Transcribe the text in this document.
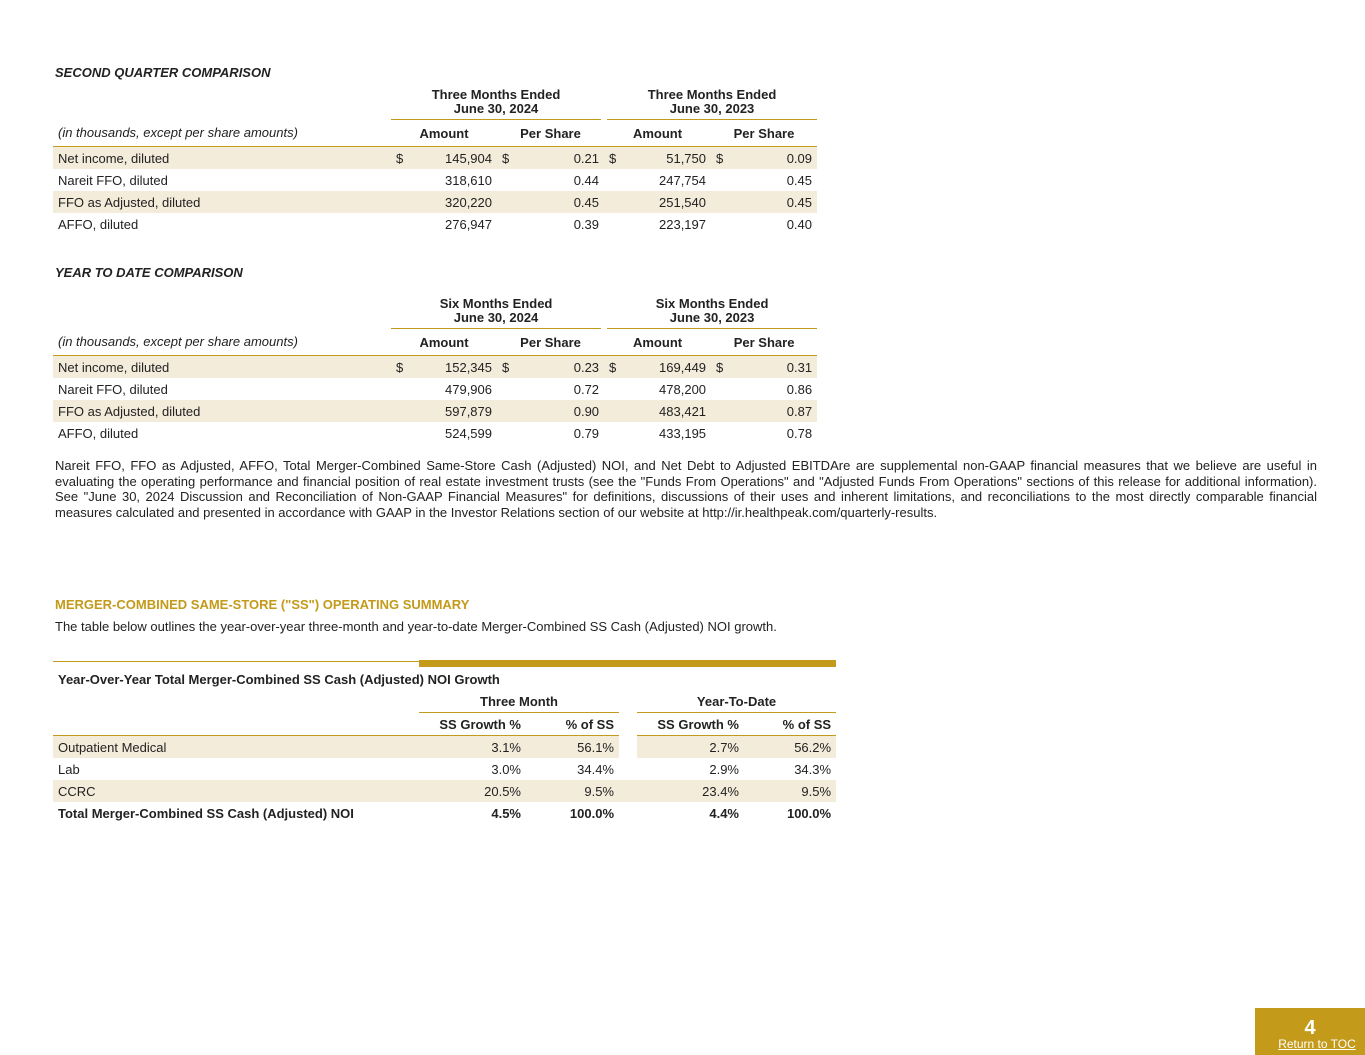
SECOND QUARTER COMPARISON
	Three Months Ended
June 30, 2024				Three Months Ended
June 30, 2023			
(in thousands, except per share amounts)	Amount		Per Share		Amount		Per Share	
Net income, diluted	$	145,904	$	0.21	$	51,750	$	0.09
Nareit FFO, diluted		318,610		0.44		247,754		0.45
FFO as Adjusted, diluted		320,220		0.45		251,540		0.45
AFFO, diluted		276,947		0.39		223,197		0.40
YEAR TO DATE COMPARISON
	Six Months Ended
June 30, 2024				Six Months Ended
June 30, 2023			
(in thousands, except per share amounts)	Amount		Per Share		Amount		Per Share	
Net income, diluted	$	152,345	$	0.23	$	169,449	$	0.31
Nareit FFO, diluted		479,906		0.72		478,200		0.86
FFO as Adjusted, diluted		597,879		0.90		483,421		0.87
AFFO, diluted		524,599		0.79		433,195		0.78
Nareit FFO, FFO as Adjusted, AFFO, Total Merger-Combined Same-Store Cash (Adjusted) NOI, and Net Debt to Adjusted EBITDAre are supplemental non-GAAP financial measures that we believe are useful in evaluating the operating performance and financial position of real estate investment trusts (see the "Funds From Operations" and "Adjusted Funds From Operations" sections of this release for additional information). See "June 30, 2024 Discussion and Reconciliation of Non-GAAP Financial Measures" for definitions, discussions of their uses and inherent limitations, and reconciliations to the most directly comparable financial measures calculated and presented in accordance with GAAP in the Investor Relations section of our website at http://ir.healthpeak.com/quarterly-results.
MERGER-COMBINED SAME-STORE ("SS") OPERATING SUMMARY
The table below outlines the year-over-year three-month and year-to-date Merger-Combined SS Cash (Adjusted) NOI growth.
Year-Over-Year Total Merger-Combined SS Cash (Adjusted) NOI Growth					
	Three Month			Year-To-Date	
	SS Growth %	% of SS		SS Growth %	% of SS
Outpatient Medical	3.1%	56.1%		2.7%	56.2%
Lab	3.0%	34.4%		2.9%	34.3%
CCRC	20.5%	9.5%		23.4%	9.5%
Total Merger-Combined SS Cash (Adjusted) NOI	4.5%	100.0%		4.4%	100.0%
4
Return to TOC
